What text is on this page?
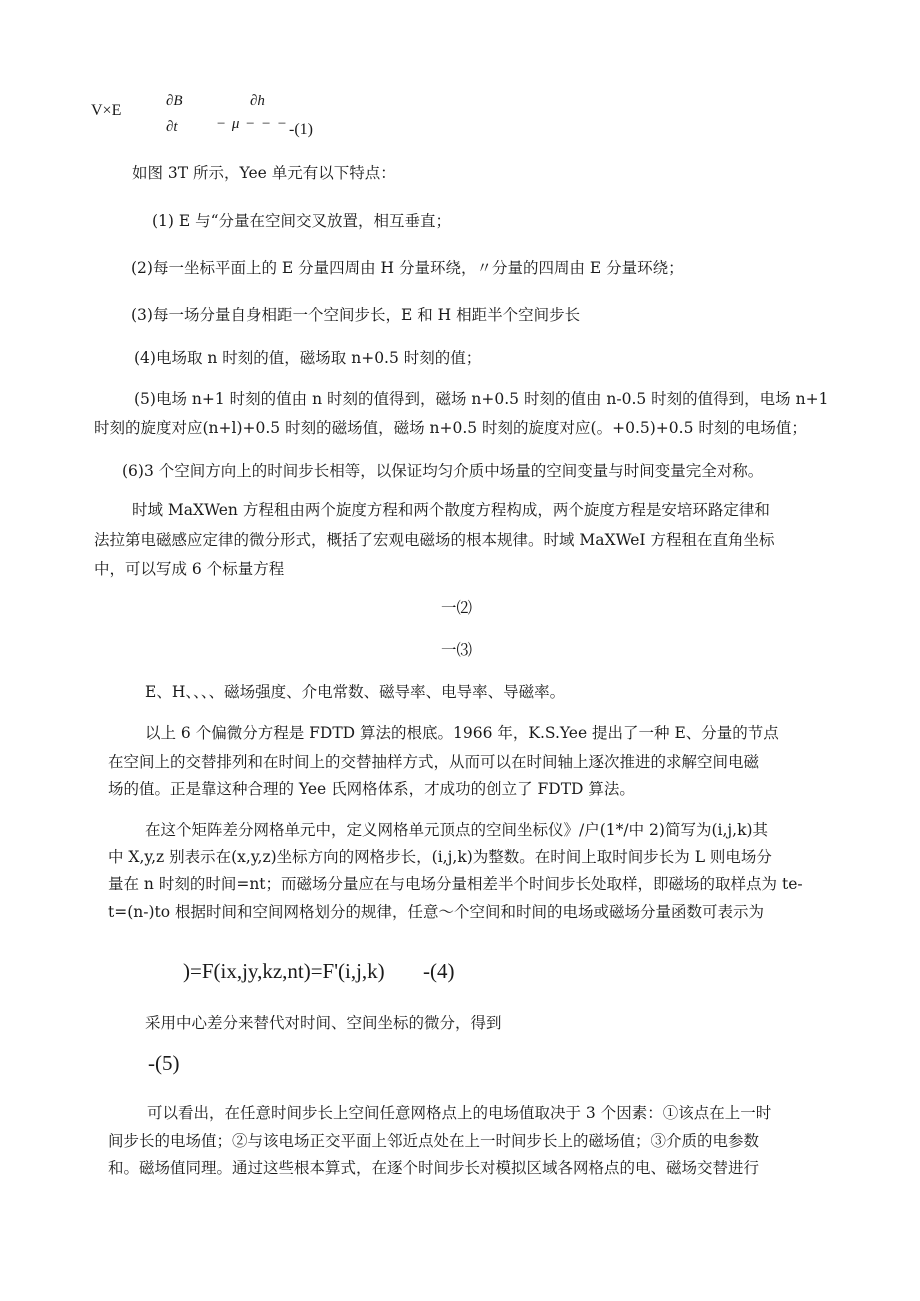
V×E
∂B
∂t
∂h
− μ − − − -(1)
如图 3T 所示，Yee 单元有以下特点：
(1) E 与“分量在空间交叉放置，相互垂直；
(2)每一坐标平面上的 E 分量四周由 H 分量环绕，〃分量的四周由 E 分量环绕；
(3)每一场分量自身相距一个空间步长，E 和 H 相距半个空间步长
(4)电场取 n 时刻的值，磁场取 n+0.5 时刻的值；
(5)电场 n+1 时刻的值由 n 时刻的值得到，磁场 n+0.5 时刻的值由 n-0.5 时刻的值得到，电场 n+1
时刻的旋度对应(n+l)+0.5 时刻的磁场值，磁场 n+0.5 时刻的旋度对应(。+0.5)+0.5 时刻的电场值；
(6)3 个空间方向上的时间步长相等，以保证均匀介质中场量的空间变量与时间变量完全对称。
时域 MaXWen 方程租由两个旋度方程和两个散度方程构成，两个旋度方程是安培环路定律和
法拉第电磁感应定律的微分形式，概括了宏观电磁场的根本规律。时域 MaXWeI 方程租在直角坐标
中，可以写成 6 个标量方程
一⑵
一⑶
E、H、、、、磁场强度、介电常数、磁导率、电导率、导磁率。
以上 6 个偏微分方程是 FDTD 算法的根底。1966 年，K.S.Yee 提出了一种 E、分量的节点
在空间上的交替排列和在时间上的交替抽样方式，从而可以在时间轴上逐次推进的求解空间电磁
场的值。正是靠这种合理的 Yee 氏网格体系，才成功的创立了 FDTD 算法。
在这个矩阵差分网格单元中，定义网格单元顶点的空间坐标仪》/户(1*/中 2)简写为(i,j,k)其
中 X,y,z 别表示在(x,y,z)坐标方向的网格步长，(i,j,k)为整数。在时间上取时间步长为 L 则电场分
量在 n 时刻的时间=nt；而磁场分量应在与电场分量相差半个时间步长处取样，即磁场的取样点为 te-
t=(n-)to 根据时间和空间网格划分的规律，任意～个空间和时间的电场或磁场分量函数可表示为
)=F(ix,jy,kz,nt)=F'(i,j,k) -(4)
采用中心差分来替代对时间、空间坐标的微分，得到
-(5)
可以看出，在任意时间步长上空间任意网格点上的电场值取决于 3 个因素：①该点在上一时
间步长的电场值；②与该电场正交平面上邻近点处在上一时间步长上的磁场值；③介质的电参数
和。磁场值同理。通过这些根本算式，在逐个时间步长对模拟区域各网格点的电、磁场交替进行
